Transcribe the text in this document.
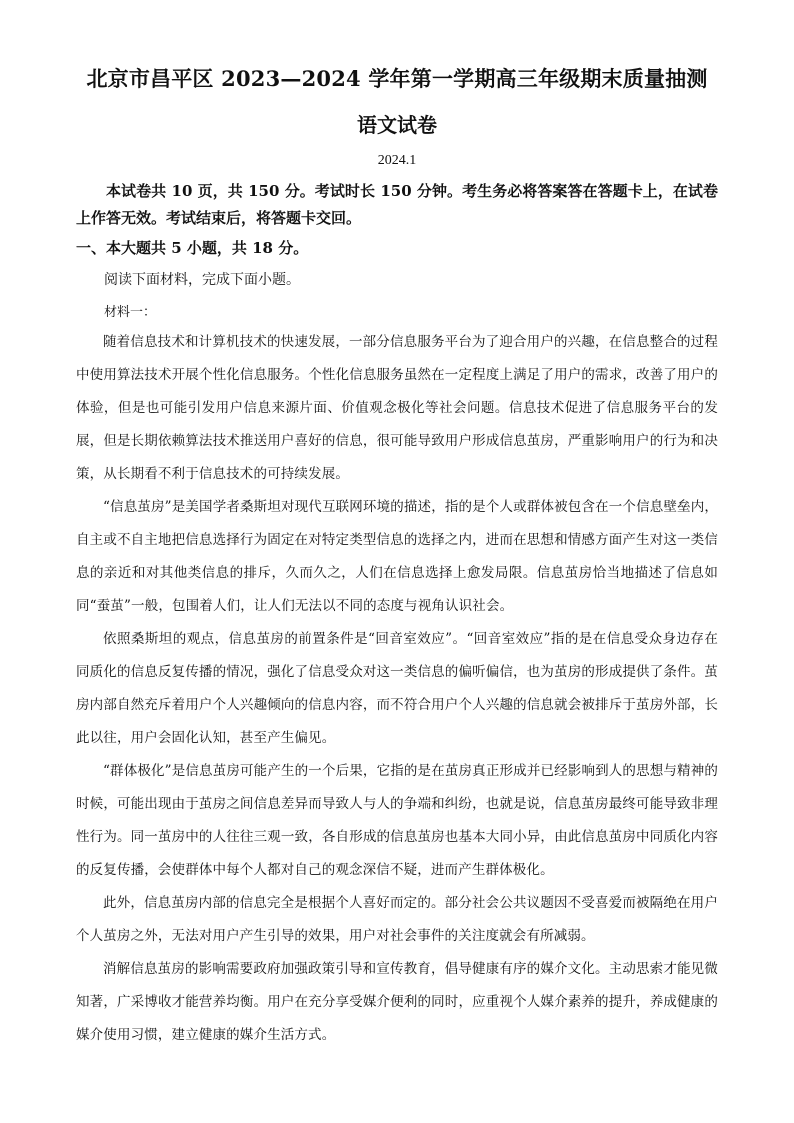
北京市昌平区 2023—2024 学年第一学期高三年级期末质量抽测
语文试卷
2024.1

本试卷共 10 页，共 150 分。考试时长 150 分钟。考生务必将答案答在答题卡上，在试卷上作答无效。考试结束后，将答题卡交回。

一、本大题共 5 小题，共 18 分。
阅读下面材料，完成下面小题。
材料一：

随着信息技术和计算机技术的快速发展，一部分信息服务平台为了迎合用户的兴趣，在信息整合的过程中使用算法技术开展个性化信息服务。个性化信息服务虽然在一定程度上满足了用户的需求，改善了用户的体验，但是也可能引发用户信息来源片面、价值观念极化等社会问题。信息技术促进了信息服务平台的发展，但是长期依赖算法技术推送用户喜好的信息，很可能导致用户形成信息茧房，严重影响用户的行为和决策，从长期看不利于信息技术的可持续发展。

“信息茧房”是美国学者桑斯坦对现代互联网环境的描述，指的是个人或群体被包含在一个信息壁垒内，自主或不自主地把信息选择行为固定在对特定类型信息的选择之内，进而在思想和情感方面产生对这一类信息的亲近和对其他类信息的排斥，久而久之，人们在信息选择上愈发局限。信息茧房恰当地描述了信息如同“蚕茧”一般，包围着人们，让人们无法以不同的态度与视角认识社会。

依照桑斯坦的观点，信息茧房的前置条件是“回音室效应”。“回音室效应”指的是在信息受众身边存在同质化的信息反复传播的情况，强化了信息受众对这一类信息的偏听偏信，也为茧房的形成提供了条件。茧房内部自然充斥着用户个人兴趣倾向的信息内容，而不符合用户个人兴趣的信息就会被排斥于茧房外部，长此以往，用户会固化认知，甚至产生偏见。

“群体极化”是信息茧房可能产生的一个后果，它指的是在茧房真正形成并已经影响到人的思想与精神的时候，可能出现由于茧房之间信息差异而导致人与人的争端和纠纷，也就是说，信息茧房最终可能导致非理性行为。同一茧房中的人往往三观一致，各自形成的信息茧房也基本大同小异，由此信息茧房中同质化内容的反复传播，会使群体中每个人都对自己的观念深信不疑，进而产生群体极化。

此外，信息茧房内部的信息完全是根据个人喜好而定的。部分社会公共议题因不受喜爱而被隔绝在用户个人茧房之外，无法对用户产生引导的效果，用户对社会事件的关注度就会有所减弱。

消解信息茧房的影响需要政府加强政策引导和宣传教育，倡导健康有序的媒介文化。主动思索才能见微知著，广采博收才能营养均衡。用户在充分享受媒介便利的同时，应重视个人媒介素养的提升，养成健康的媒介使用习惯，建立健康的媒介生活方式。
